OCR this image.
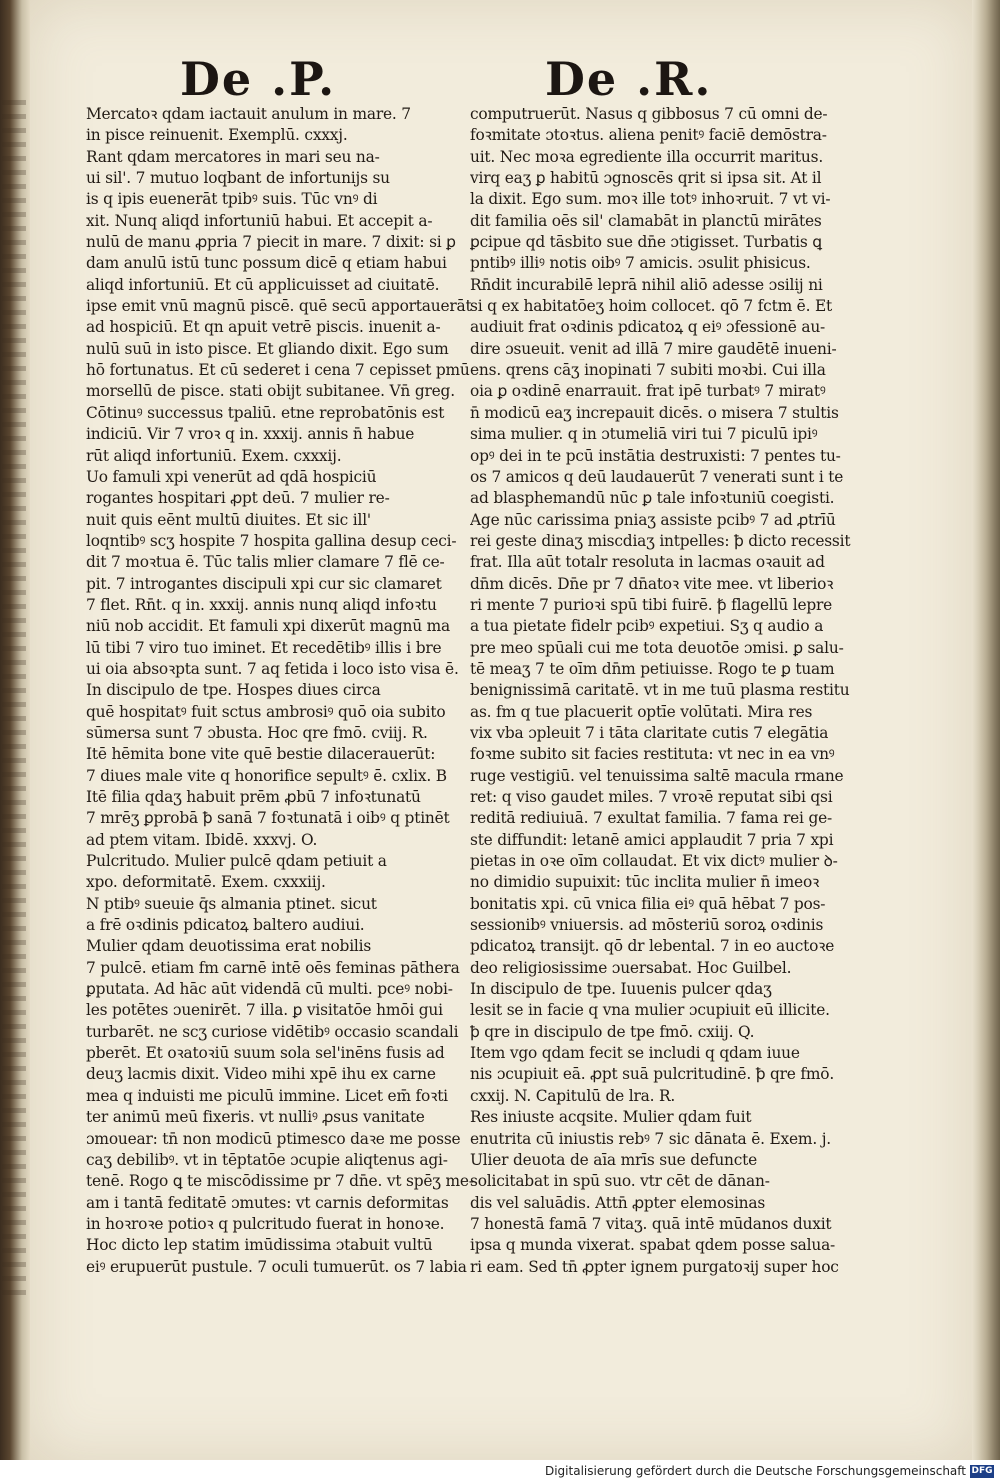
De .P.	De .R.
Mercatoꝛ qdam iactauit anulum in mare. 7
in pisce reinuenit. Exemplū. cxxxj.
Rant qdam mercatores in mari seu na-
ui sil'. 7 mutuo loqbant de infortunijs su
is q ipis euenerāt tpibꝰ suis. Tūc vnꝰ di
xit. Nunq aliqd infortuniū habui. Et accepit a-
nulū de manu ꝓpria 7 piecit in mare. 7 dixit: si ꝑ
dam anulū istū tunc possum dicē q etiam habui
aliqd infortuniū. Et cū applicuisset ad ciuitatē.
ipse emit vnū magnū piscē. quē secū apportauerāt
ad hospiciū. Et qn apuit vetrē piscis. inuenit a-
nulū suū in isto pisce. Et gliando dixit. Ego sum
hō fortunatus. Et cū sederet i cena 7 cepisset pmū
morsellū de pisce. stati obijt subitanee. Vn̄ greg.
Cōtinuꝰ successus tpaliū. etne reprobatōnis est
indiciū. Vir 7 vroꝛ q in. xxxij. annis n̄ habue
rūt aliqd infortuniū. Exem. cxxxij.
Uo famuli xpi venerūt ad qdā hospiciū
rogantes hospitari ꝓpt deū. 7 mulier re-
nuit quis eēnt multū diuites. Et sic ill'
loqntibꝰ scʒ hospite 7 hospita gallina desup ceci-
dit 7 moꝛtua ē. Tūc talis mlier clamare 7 flē ce-
pit. 7 introgantes discipuli xpi cur sic clamaret
7 flet. Rn̄t. q in. xxxij. annis nunq aliqd infoꝛtu
niū nob accidit. Et famuli xpi dixerūt magnū ma
lū tibi 7 viro tuo iminet. Et recedētibꝰ illis i bre
ui oia absoꝛpta sunt. 7 aq fetida i loco isto visa ē.
In discipulo de tpe. Hospes diues circa
quē hospitatꝰ fuit sctus ambrosiꝰ quō oia subito
sūmersa sunt 7 ɔbusta. Hoc qre fmō. cviij. R.
Itē hēmita bone vite quē bestie dilacerauerūt:
7 diues male vite q honorifice sepultꝰ ē. cxlix. B
Itē filia qdaʒ habuit prēm ꝓbū 7 infoꝛtunatū
7 mrēʒ ꝑprobā ꝥ sanā 7 foꝛtunatā i oibꝰ q ptinēt
ad ptem vitam. Ibidē. xxxvj. O.
Pulcritudo. Mulier pulcē qdam petiuit a
xpo. deformitatē. Exem. cxxxiij.
N ptibꝰ sueuie q̄s almania ptinet. sicut
a frē oꝛdinis pdicatoꝝ baltero audiui.
Mulier qdam deuotissima erat nobilis
7 pulcē. etiam fm carnē intē oēs feminas pāthera
ꝑputata. Ad hāc aūt videndā cū multi. pceꝰ nobi-
les potētes ɔuenirēt. 7 illa. ꝑ visitatōe hmōi gui
turbarēt. ne scʒ curiose vidētibꝰ occasio scandali
pberēt. Et oꝛatoꝛiū suum sola sel'inēns fusis ad
deuʒ lacmis dixit. Video mihi xpē ihu ex carne
mea q induisti me piculū immine. Licet em̄ foꝛti
ter animū meū fixeris. vt nulliꝰ ꝓsus vanitate
ɔmouear: tn̄ non modicū ptimesco daꝛe me posse
caʒ debilibꝰ. vt in tēptatōe ɔcupie aliqtenus agi-
tenē. Rogo ꝗ te miscōdissime pr 7 dn̄e. vt spēʒ me-
am i tantā feditatē ɔmutes: vt carnis deformitas
in hoꝛroꝛe potioꝛ q pulcritudo fuerat in honoꝛe.
Hoc dicto lep statim imūdissima ɔtabuit vultū
eiꝰ erupuerūt pustule. 7 oculi tumuerūt. os 7 labia
computruerūt. Nasus q gibbosus 7 cū omni de-
foꝛmitate ɔtoꝛtus. aliena penitꝰ faciē demōstra-
uit. Nec moꝛa egrediente illa occurrit maritus.
virq eaʒ ꝑ habitū ɔgnoscēs qrit si ipsa sit. At il
la dixit. Ego sum. moꝛ ille totꝰ inhoꝛruit. 7 vt vi-
dit familia oēs sil' clamabāt in planctū mirātes
ꝑcipue qd tāsbito sue dn̄e ɔtigisset. Turbatis ꝗ
pntibꝰ illiꝰ notis oibꝰ 7 amicis. ɔsulit phisicus.
Rn̄dit incurabilē leprā nihil aliō adesse ɔsilij ni
si q ex habitatōeʒ hoim collocet. qō 7 fctm ē. Et
audiuit frat oꝛdinis pdicatoꝝ q eiꝰ ɔfessionē au-
dire ɔsueuit. venit ad illā 7 mire gaudētē inueni-
ens. qrens cāʒ inopinati 7 subiti moꝛbi. Cui illa
oia ꝑ oꝛdinē enarrauit. frat ipē turbatꝰ 7 miratꝰ
n̄ modicū eaʒ increpauit dicēs. o misera 7 stultis
sima mulier. q in ɔtumeliā viri tui 7 piculū ipiꝰ
opꝰ dei in te pcū instātia destruxisti: 7 pentes tu-
os 7 amicos q deū laudauerūt 7 venerati sunt i te
ad blasphemandū nūc ꝑ tale infoꝛtuniū coegisti.
Age nūc carissima pniaʒ assiste pcibꝰ 7 ad ꝓtrīū
rei geste dinaʒ miscdiaʒ intpelles: ꝥ dicto recessit
frat. Illa aūt totalr resoluta in lacmas oꝛauit ad
dn̄m dicēs. Dn̄e pr 7 dn̄atoꝛ vite mee. vt liberioꝛ
ri mente 7 purioꝛi spū tibi fuirē. ꝥ flagellū lepre
a tua pietate fidelr pcibꝰ expetiui. Sʒ q audio a
pre meo spūali cui me tota deuotōe ɔmisi. ꝑ salu-
tē meaʒ 7 te oīm dn̄m petiuisse. Rogo te ꝑ tuam
benignissimā caritatē. vt in me tuū plasma restitu
as. fm q tue placuerit optīe volūtati. Mira res
vix vba ɔpleuit 7 i tāta claritate cutis 7 elegātia
foꝛme subito sit facies restituta: vt nec in ea vnꝰ
ruge vestigiū. vel tenuissima saltē macula rmane
ret: q viso gaudet miles. 7 vroꝛē reputat sibi qsi
reditā rediuiuā. 7 exultat familia. 7 fama rei ge-
ste diffundit: letanē amici applaudit 7 pria 7 xpi
pietas in oꝛe oīm collaudat. Et vix dictꝰ mulier ꝺ-
no dimidio supuixit: tūc inclita mulier n̄ imeoꝛ
bonitatis xpi. cū vnica filia eiꝰ quā hēbat 7 pos-
sessionibꝰ vniuersis. ad mōsteriū soroꝝ oꝛdinis
pdicatoꝝ transijt. qō dr lebental. 7 in eo auctoꝛe
deo religiosissime ɔuersabat. Hoc Guilbel.
In discipulo de tpe. Iuuenis pulcer qdaʒ
lesit se in facie q vna mulier ɔcupiuit eū illicite.
ꝥ qre in discipulo de tpe fmō. cxiij. Q.
Item vgo qdam fecit se includi q qdam iuue
nis ɔcupiuit eā. ꝓpt suā pulcritudinē. ꝥ qre fmō.
cxxij. N. Capitulū de lra. R.
Res iniuste acqsite. Mulier qdam fuit
enutrita cū iniustis rebꝰ 7 sic dānata ē. Exem. j.
Ulier deuota de aīa mrīs sue defuncte
solicitabat in spū suo. vtr cēt de dānan-
dis vel saluādis. Attn̄ ꝓpter elemosinas
7 honestā famā 7 vitaʒ. quā intē mūdanos duxit
ipsa q munda vixerat. spabat qdem posse salua-
ri eam. Sed tn̄ ꝓpter ignem purgatoꝛij super hoc
Digitalisierung gefördert durch die Deutsche Forschungsgemeinschaft DFG
